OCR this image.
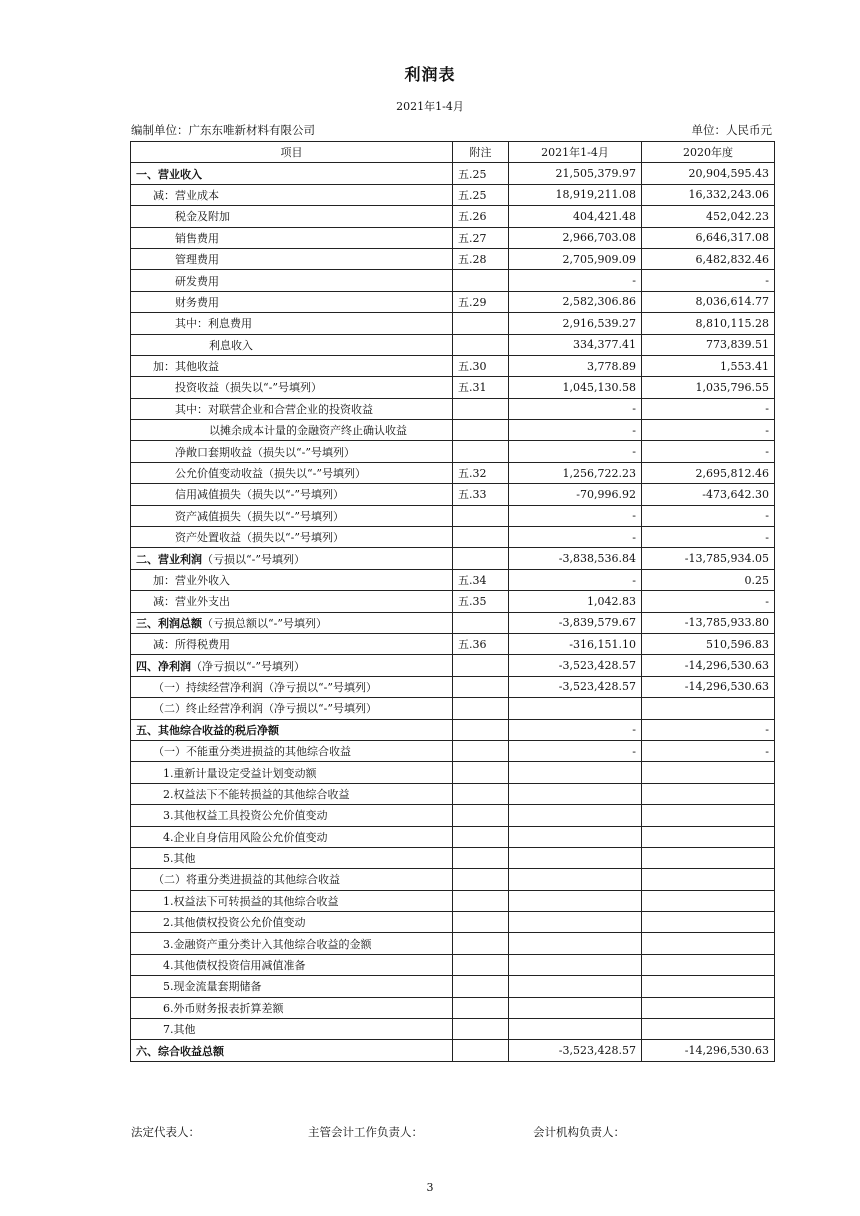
利润表
2021年1-4月
编制单位：广东东唯新材料有限公司	单位：人民币元
项目	附注	2021年1-4月	2020年度
一、营业收入	五.25	21,505,379.97	20,904,595.43
减：营业成本	五.25	18,919,211.08	16,332,243.06
税金及附加	五.26	404,421.48	452,042.23
销售费用	五.27	2,966,703.08	6,646,317.08
管理费用	五.28	2,705,909.09	6,482,832.46
研发费用		-	-
财务费用	五.29	2,582,306.86	8,036,614.77
其中：利息费用		2,916,539.27	8,810,115.28
利息收入		334,377.41	773,839.51
加：其他收益	五.30	3,778.89	1,553.41
投资收益（损失以“-”号填列）	五.31	1,045,130.58	1,035,796.55
其中：对联营企业和合营企业的投资收益		-	-
以摊余成本计量的金融资产终止确认收益		-	-
净敞口套期收益（损失以“-”号填列）		-	-
公允价值变动收益（损失以“-”号填列）	五.32	1,256,722.23	2,695,812.46
信用减值损失（损失以“-”号填列）	五.33	-70,996.92	-473,642.30
资产减值损失（损失以“-”号填列）		-	-
资产处置收益（损失以“-”号填列）		-	-
二、营业利润（亏损以“-”号填列）		-3,838,536.84	-13,785,934.05
加：营业外收入	五.34	-	0.25
减：营业外支出	五.35	1,042.83	-
三、利润总额（亏损总额以“-”号填列）		-3,839,579.67	-13,785,933.80
减：所得税费用	五.36	-316,151.10	510,596.83
四、净利润（净亏损以“-”号填列）		-3,523,428.57	-14,296,530.63
（一）持续经营净利润（净亏损以“-”号填列）		-3,523,428.57	-14,296,530.63
（二）终止经营净利润（净亏损以“-”号填列）			
五、其他综合收益的税后净额		-	-
（一）不能重分类进损益的其他综合收益		-	-
1.重新计量设定受益计划变动额			
2.权益法下不能转损益的其他综合收益			
3.其他权益工具投资公允价值变动			
4.企业自身信用风险公允价值变动			
5.其他			
（二）将重分类进损益的其他综合收益			
1.权益法下可转损益的其他综合收益			
2.其他债权投资公允价值变动			
3.金融资产重分类计入其他综合收益的金额			
4.其他债权投资信用减值准备			
5.现金流量套期储备			
6.外币财务报表折算差额			
7.其他			
六、综合收益总额		-3,523,428.57	-14,296,530.63
法定代表人：	主管会计工作负责人：	会计机构负责人：
3
